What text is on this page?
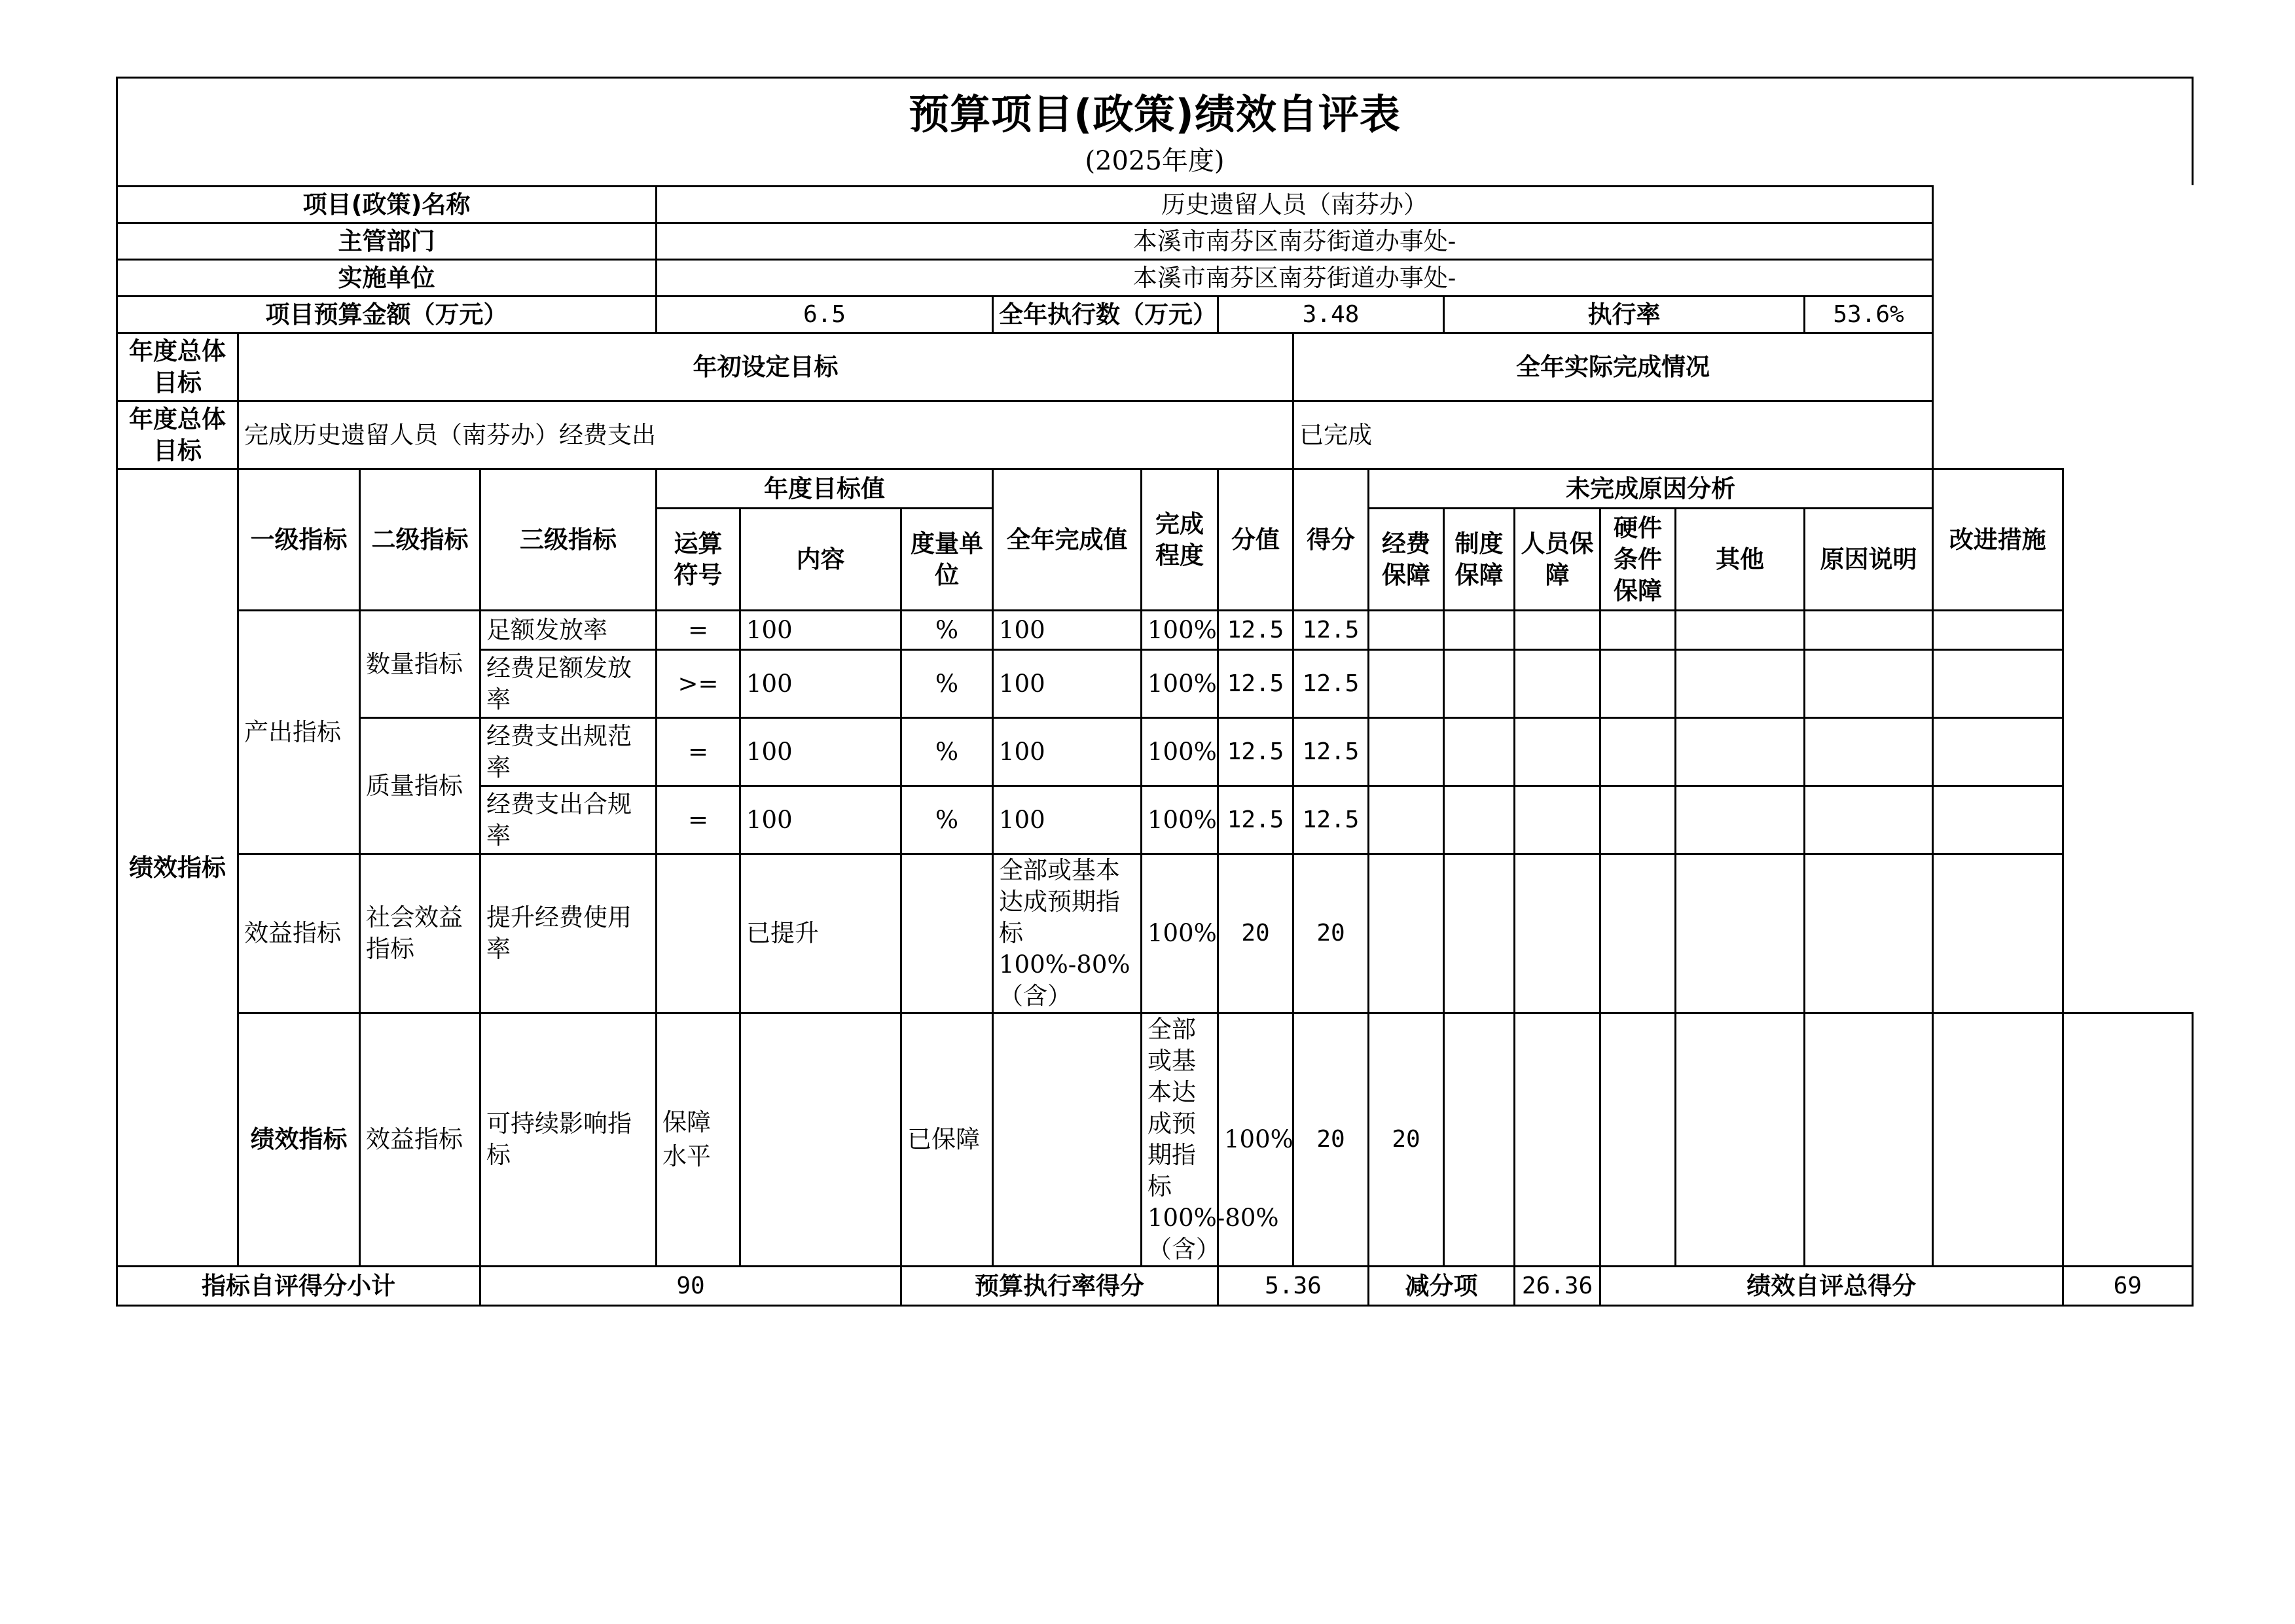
预算项目(政策)绩效自评表
(2025年度)
项目(政策)名称				历史遗留人员（南芬办）														
主管部门				本溪市南芬区南芬街道办事处-														
实施单位				本溪市南芬区南芬街道办事处-														
项目预算金额（万元）				6.5			全年执行数（万元）		3.48			执行率				53.6%		
年度总体目标	年初设定目标									全年实际完成情况								
年度总体目标	完成历史遗留人员（南芬办）经费支出									已完成								
绩效指标	一级指标	二级指标	三级指标	年度目标值			全年完成值	完成程度	分值	得分	未完成原因分析						改进措施	
				运算符号	内容	度量单位					经费保障	制度保障	人员保障	硬件条件保障	其他	原因说明		
	产出指标	数量指标	足额发放率	=	100	%	100	100%	12.5	12.5								
			经费足额发放率	>=	100	%	100	100%	12.5	12.5								
		质量指标	经费支出规范率	=	100	%	100	100%	12.5	12.5								
			经费支出合规率	=	100	%	100	100%	12.5	12.5								
	效益指标	社会效益指标	提升经费使用率		已提升		全部或基本达成预期指标100%-80%（含）	100%	20	20								
	绩效指标	效益指标	可持续影响指标	保障水平		已保障		全部或基本达成预期指标100%-80%（含）	100%	20	20							
指标自评得分小计			90			预算执行率得分			5.36		减分项		26.36	绩效自评总得分				69
